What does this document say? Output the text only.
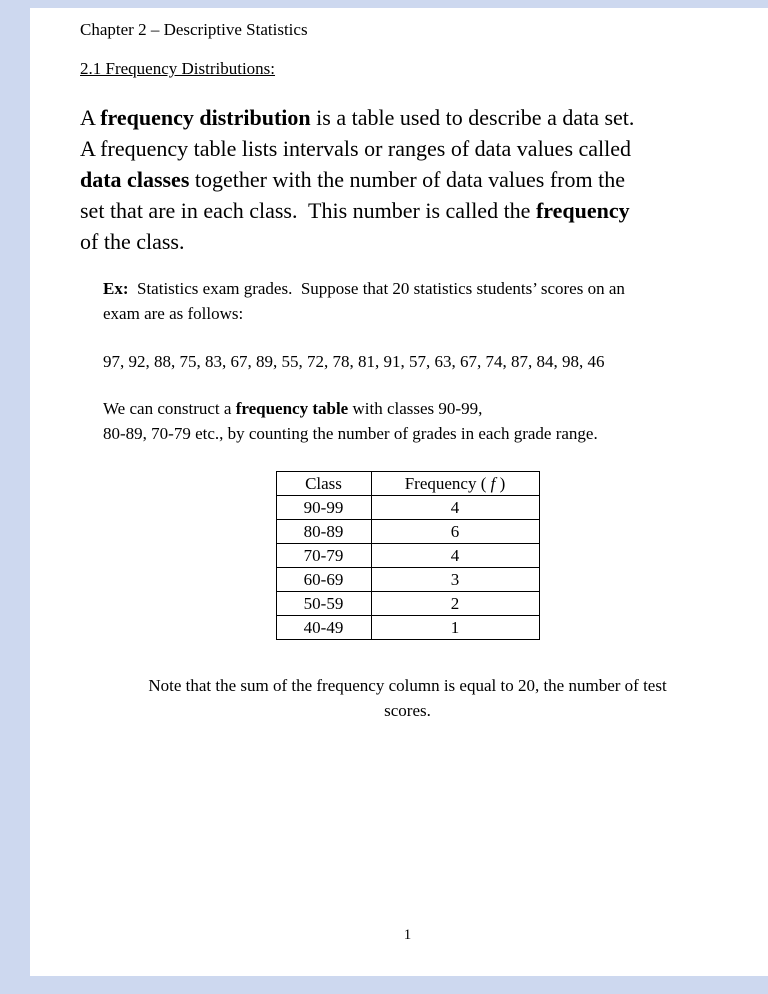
Chapter 2 – Descriptive Statistics

2.1 Frequency Distributions:

A frequency distribution is a table used to describe a data set.
A frequency table lists intervals or ranges of data values called
data classes together with the number of data values from the
set that are in each class.  This number is called the frequency
of the class.

Ex:  Statistics exam grades.  Suppose that 20 statistics students’ scores on an
exam are as follows:

97, 92, 88, 75, 83, 67, 89, 55, 72, 78, 81, 91, 57, 63, 67, 74, 87, 84, 98, 46

We can construct a frequency table with classes 90-99,
80-89, 70-79 etc., by counting the number of grades in each grade range.

Class	Frequency ( f )
90-99	4
80-89	6
70-79	4
60-69	3
50-59	2
40-49	1

Note that the sum of the frequency column is equal to 20, the number of test
scores.

1
